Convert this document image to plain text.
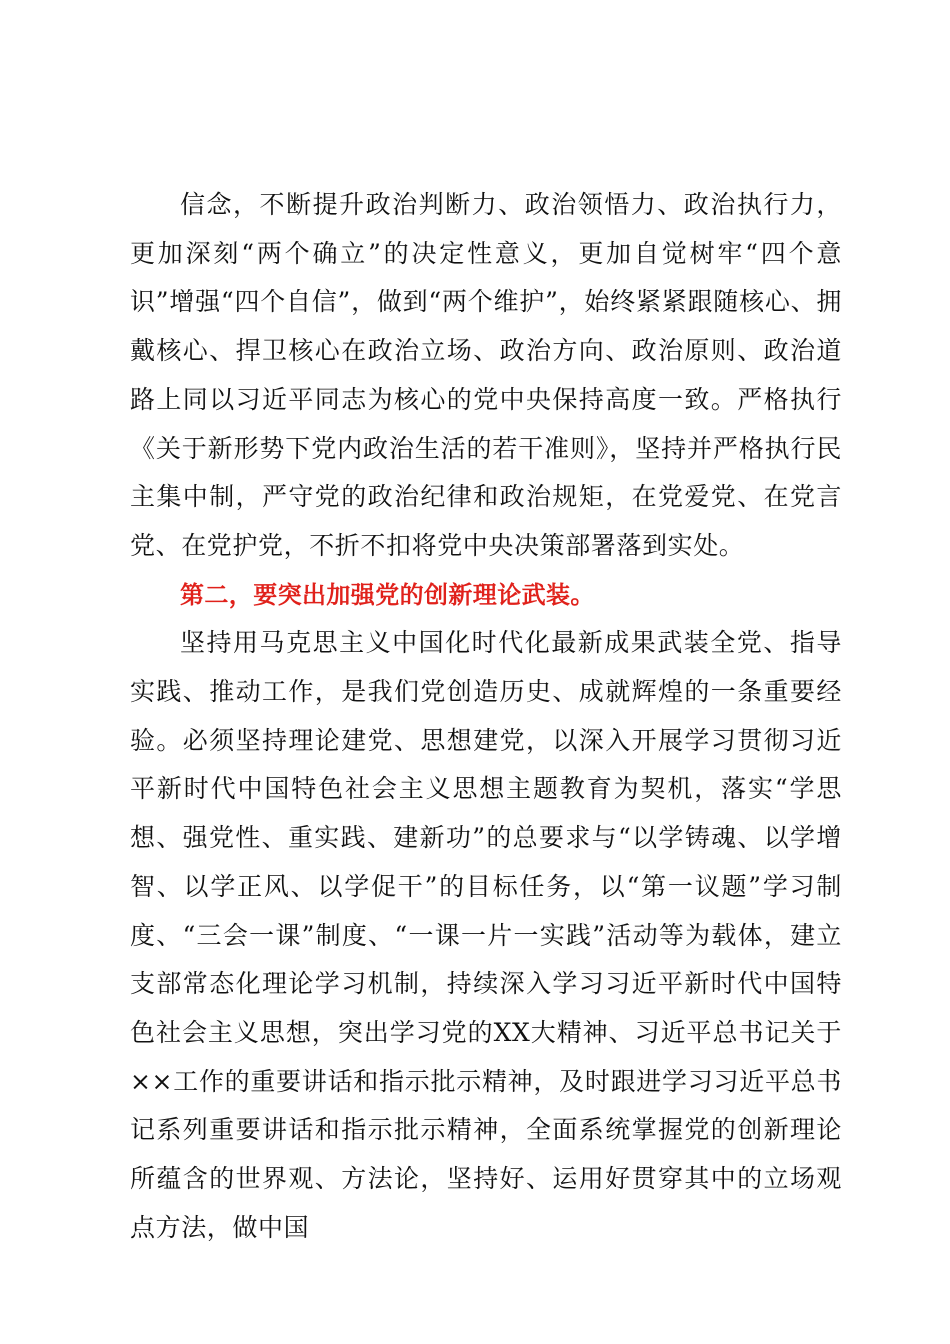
信念，不断提升政治判断力、政治领悟力、政治执行力，更加深刻“两个确立”的决定性意义，更加自觉树牢“四个意识”增强“四个自信”，做到“两个维护”，始终紧紧跟随核心、拥戴核心、捍卫核心在政治立场、政治方向、政治原则、政治道路上同以习近平同志为核心的党中央保持高度一致。严格执行《关于新形势下党内政治生活的若干准则》，坚持并严格执行民主集中制，严守党的政治纪律和政治规矩，在党爱党、在党言党、在党护党，不折不扣将党中央决策部署落到实处。

第二，要突出加强党的创新理论武装。

坚持用马克思主义中国化时代化最新成果武装全党、指导实践、推动工作，是我们党创造历史、成就辉煌的一条重要经验。必须坚持理论建党、思想建党，以深入开展学习贯彻习近平新时代中国特色社会主义思想主题教育为契机，落实“学思想、强党性、重实践、建新功”的总要求与“以学铸魂、以学增智、以学正风、以学促干”的目标任务，以“第一议题”学习制度、“三会一课”制度、“一课一片一实践”活动等为载体，建立支部常态化理论学习机制，持续深入学习习近平新时代中国特色社会主义思想，突出学习党的XX大精神、习近平总书记关于××工作的重要讲话和指示批示精神，及时跟进学习习近平总书记系列重要讲话和指示批示精神，全面系统掌握党的创新理论所蕴含的世界观、方法论，坚持好、运用好贯穿其中的立场观点方法，做中国
